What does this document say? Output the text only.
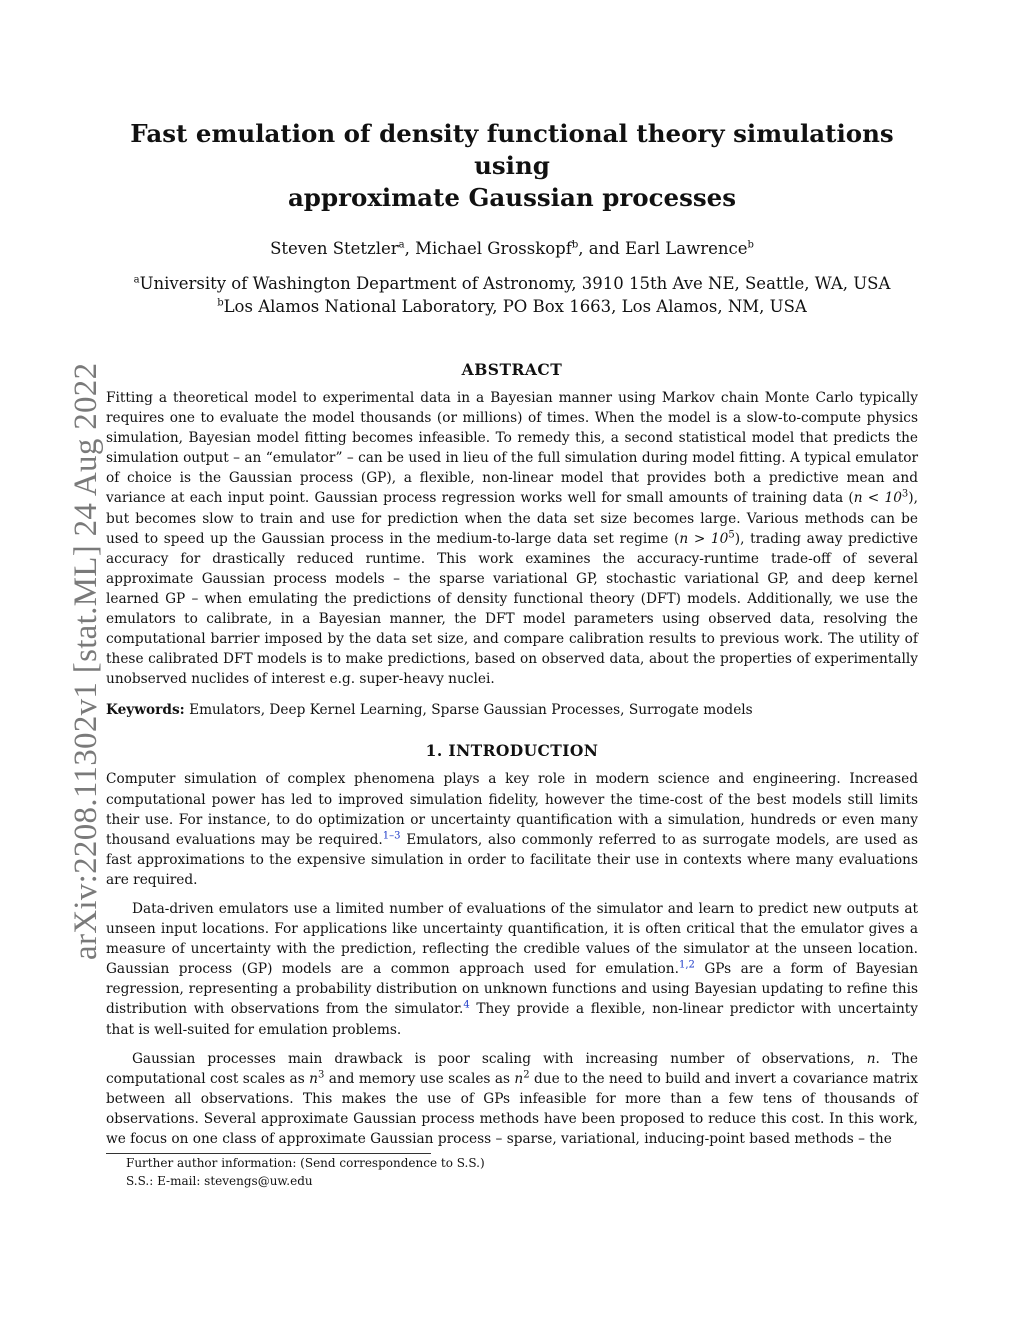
arXiv:2208.11302v1 [stat.ML] 24 Aug 2022
Fast emulation of density functional theory simulations using
approximate Gaussian processes
Steven Stetzler$^a$, Michael Grosskopf$^b$, and Earl Lawrence$^b$
$^a$University of Washington Department of Astronomy, 3910 15th Ave NE, Seattle, WA, USA
$^b$Los Alamos National Laboratory, PO Box 1663, Los Alamos, NM, USA
ABSTRACT

Fitting a theoretical model to experimental data in a Bayesian manner using Markov chain Monte Carlo typically requires one to evaluate the model thousands (or millions) of times. When the model is a slow-to-compute physics simulation, Bayesian model fitting becomes infeasible. To remedy this, a second statistical model that predicts the simulation output – an “emulator” – can be used in lieu of the full simulation during model fitting. A typical emulator of choice is the Gaussian process (GP), a flexible, non-linear model that provides both a predictive mean and variance at each input point. Gaussian process regression works well for small amounts of training data $(n < 10^3)$, but becomes slow to train and use for prediction when the data set size becomes large. Various methods can be used to speed up the Gaussian process in the medium-to-large data set regime $(n > 10^5)$, trading away predictive accuracy for drastically reduced runtime. This work examines the accuracy-runtime trade-off of several approximate Gaussian process models – the sparse variational GP, stochastic variational GP, and deep kernel learned GP – when emulating the predictions of density functional theory (DFT) models. Additionally, we use the emulators to calibrate, in a Bayesian manner, the DFT model parameters using observed data, resolving the computational barrier imposed by the data set size, and compare calibration results to previous work. The utility of these calibrated DFT models is to make predictions, based on observed data, about the properties of experimentally unobserved nuclides of interest e.g. super-heavy nuclei.

Keywords: Emulators, Deep Kernel Learning, Sparse Gaussian Processes, Surrogate models
1. INTRODUCTION

Computer simulation of complex phenomena plays a key role in modern science and engineering. Increased computational power has led to improved simulation fidelity, however the time-cost of the best models still limits their use. For instance, to do optimization or uncertainty quantification with a simulation, hundreds or even many thousand evaluations may be required.$^{1-3}$ Emulators, also commonly referred to as surrogate models, are used as fast approximations to the expensive simulation in order to facilitate their use in contexts where many evaluations are required.

Data-driven emulators use a limited number of evaluations of the simulator and learn to predict new outputs at unseen input locations. For applications like uncertainty quantification, it is often critical that the emulator gives a measure of uncertainty with the prediction, reflecting the credible values of the simulator at the unseen location. Gaussian process (GP) models are a common approach used for emulation.$^{1,2}$ GPs are a form of Bayesian regression, representing a probability distribution on unknown functions and using Bayesian updating to refine this distribution with observations from the simulator.$^4$ They provide a flexible, non-linear predictor with uncertainty that is well-suited for emulation problems.

Gaussian processes main drawback is poor scaling with increasing number of observations, n. The computational cost scales as $n^3$ and memory use scales as $n^2$ due to the need to build and invert a covariance matrix between all observations. This makes the use of GPs infeasible for more than a few tens of thousands of observations. Several approximate Gaussian process methods have been proposed to reduce this cost. In this work, we focus on one class of approximate Gaussian process – sparse, variational, inducing-point based methods – the

Further author information: (Send correspondence to S.S.)
S.S.: E-mail: stevengs@uw.edu
